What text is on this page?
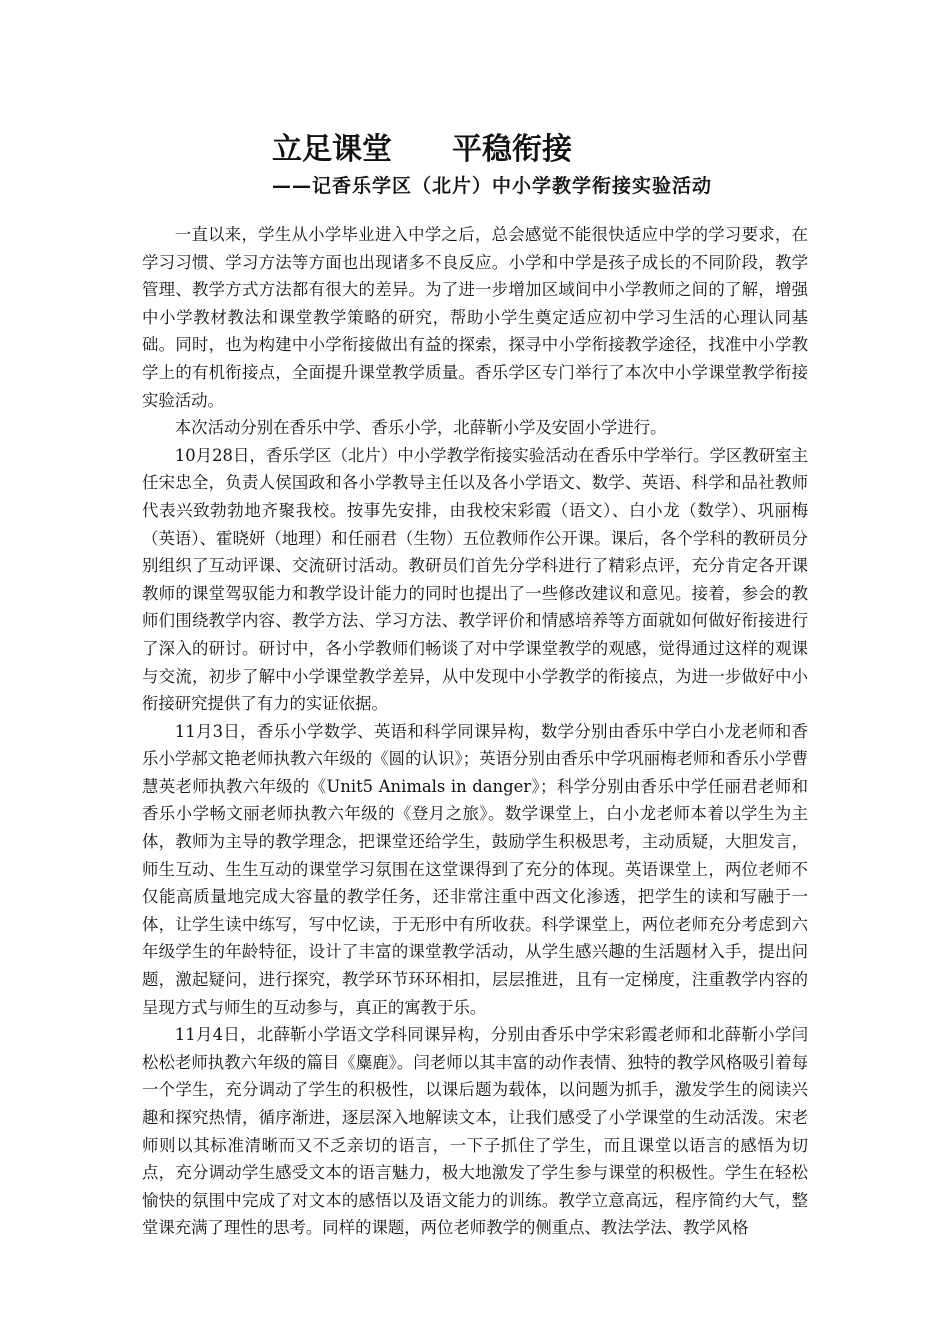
立足课堂　　平稳衔接
——记香乐学区（北片）中小学教学衔接实验活动

一直以来，学生从小学毕业进入中学之后，总会感觉不能很快适应中学的学习要求，在学习习惯、学习方法等方面也出现诸多不良反应。小学和中学是孩子成长的不同阶段，教学管理、教学方式方法都有很大的差异。为了进一步增加区域间中小学教师之间的了解，增强中小学教材教法和课堂教学策略的研究，帮助小学生奠定适应初中学习生活的心理认同基础。同时，也为构建中小学衔接做出有益的探索，探寻中小学衔接教学途径，找准中小学教学上的有机衔接点，全面提升课堂教学质量。香乐学区专门举行了本次中小学课堂教学衔接实验活动。

本次活动分别在香乐中学、香乐小学，北薛靳小学及安固小学进行。

10月28日，香乐学区（北片）中小学教学衔接实验活动在香乐中学举行。学区教研室主任宋忠全，负责人侯国政和各小学教导主任以及各小学语文、数学、英语、科学和品社教师代表兴致勃勃地齐聚我校。按事先安排，由我校宋彩霞（语文）、白小龙（数学）、巩丽梅（英语）、霍晓妍（地理）和任丽君（生物）五位教师作公开课。课后，各个学科的教研员分别组织了互动评课、交流研讨活动。教研员们首先分学科进行了精彩点评，充分肯定各开课教师的课堂驾驭能力和教学设计能力的同时也提出了一些修改建议和意见。接着，参会的教师们围绕教学内容、教学方法、学习方法、教学评价和情感培养等方面就如何做好衔接进行了深入的研讨。研讨中，各小学教师们畅谈了对中学课堂教学的观感，觉得通过这样的观课与交流，初步了解中小学课堂教学差异，从中发现中小学教学的衔接点，为进一步做好中小衔接研究提供了有力的实证依据。

11月3日，香乐小学数学、英语和科学同课异构，数学分别由香乐中学白小龙老师和香乐小学郝文艳老师执教六年级的《圆的认识》；英语分别由香乐中学巩丽梅老师和香乐小学曹慧英老师执教六年级的《Unit5 Animals in danger》；科学分别由香乐中学任丽君老师和香乐小学畅文丽老师执教六年级的《登月之旅》。数学课堂上，白小龙老师本着以学生为主体，教师为主导的教学理念，把课堂还给学生，鼓励学生积极思考，主动质疑，大胆发言，师生互动、生生互动的课堂学习氛围在这堂课得到了充分的体现。英语课堂上，两位老师不仅能高质量地完成大容量的教学任务，还非常注重中西文化渗透，把学生的读和写融于一体，让学生读中练写，写中忆读，于无形中有所收获。科学课堂上，两位老师充分考虑到六年级学生的年龄特征，设计了丰富的课堂教学活动，从学生感兴趣的生活题材入手，提出问题，激起疑问，进行探究，教学环节环环相扣，层层推进，且有一定梯度，注重教学内容的呈现方式与师生的互动参与，真正的寓教于乐。

11月4日，北薛靳小学语文学科同课异构，分别由香乐中学宋彩霞老师和北薛靳小学闫松松老师执教六年级的篇目《麋鹿》。闫老师以其丰富的动作表情、独特的教学风格吸引着每一个学生，充分调动了学生的积极性，以课后题为载体，以问题为抓手，激发学生的阅读兴趣和探究热情，循序渐进，逐层深入地解读文本，让我们感受了小学课堂的生动活泼。宋老师则以其标准清晰而又不乏亲切的语言，一下子抓住了学生，而且课堂以语言的感悟为切点，充分调动学生感受文本的语言魅力，极大地激发了学生参与课堂的积极性。学生在轻松愉快的氛围中完成了对文本的感悟以及语文能力的训练。教学立意高远，程序简约大气，整堂课充满了理性的思考。同样的课题，两位老师教学的侧重点、教法学法、教学风格
